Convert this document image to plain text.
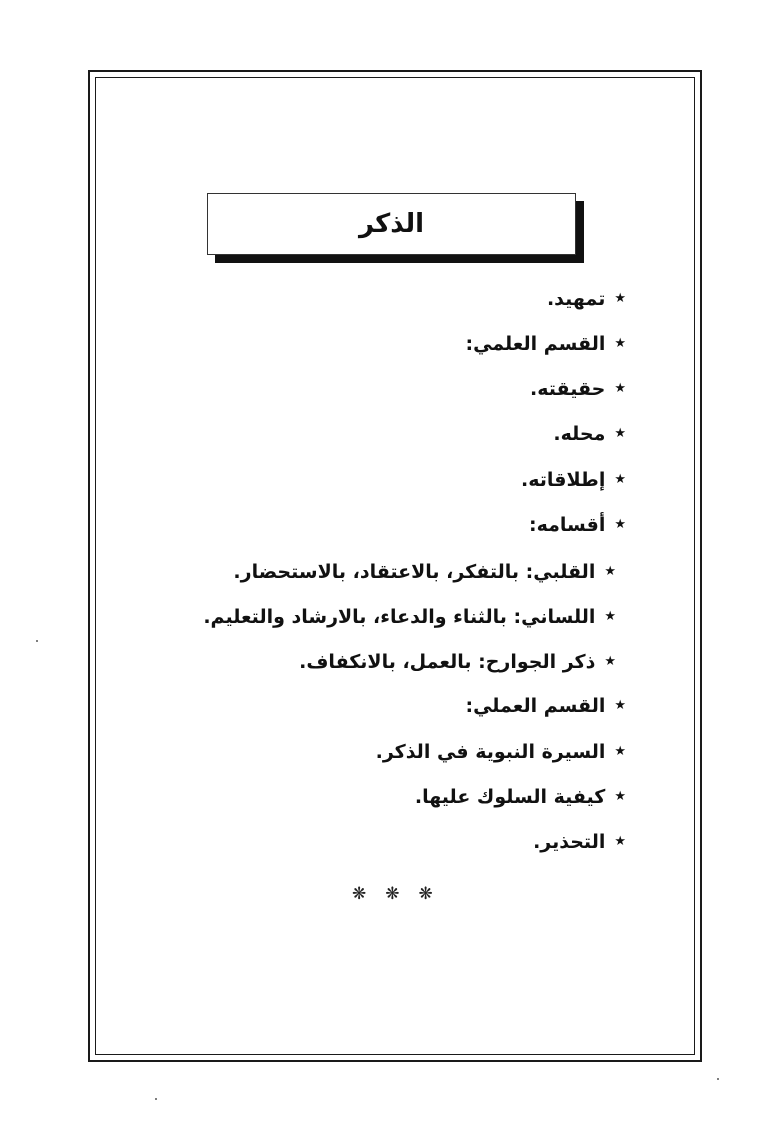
الذكر
★
تمهيد.
★
القسم العلمي:
★
حقيقته.
★
محله.
★
إطلاقاته.
★
أقسامه:
★
القلبي: بالتفكر، بالاعتقاد، بالاستحضار.
★
اللساني: بالثناء والدعاء، بالارشاد والتعليم.
★
ذكر الجوارح: بالعمل، بالانكفاف.
★
القسم العملي:
★
السيرة النبوية في الذكر.
★
كيفية السلوك عليها.
★
التحذير.
❋ ❋ ❋
